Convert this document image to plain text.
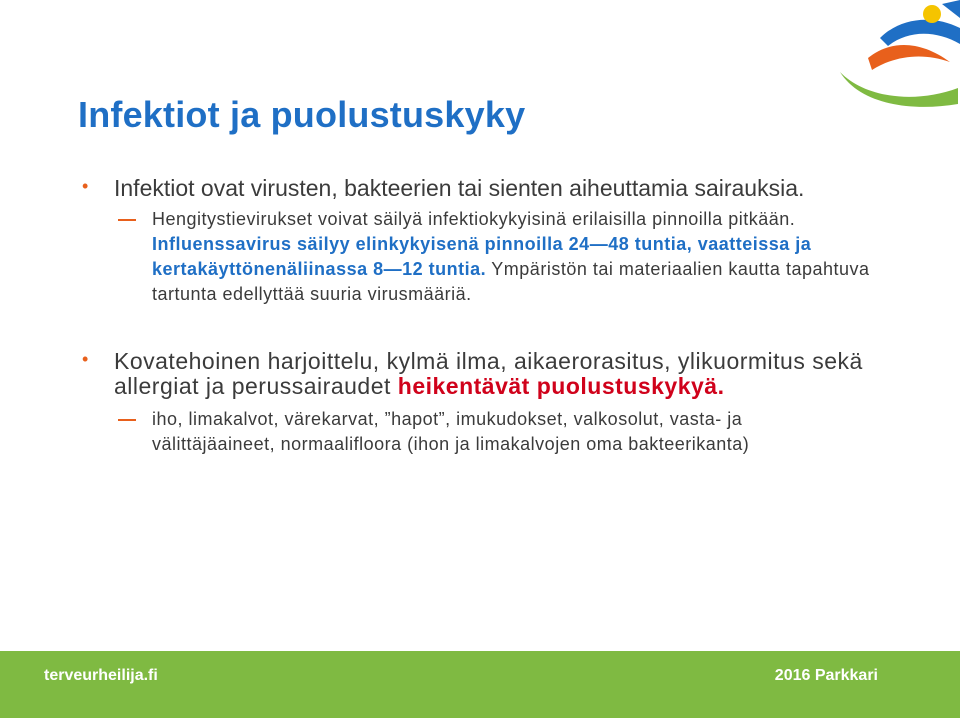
Infektiot ja puolustuskyky
• Infektiot ovat virusten, bakteerien tai sienten aiheuttamia sairauksia.
Hengitystievirukset voivat säilyä infektiokykyisinä erilaisilla pinnoilla pitkään. Influenssavirus säilyy elinkykyisenä pinnoilla 24—48 tuntia, vaatteissa ja kertakäyttönenäliinassa 8—12 tuntia. Ympäristön tai materiaalien kautta tapahtuva tartunta edellyttää suuria virusmääriä.
• Kovatehoinen harjoittelu, kylmä ilma, aikaerorasitus, ylikuormitus sekä allergiat ja perussairaudet heikentävät puolustuskykyä.
iho, limakalvot, värekarvat, ”hapot”, imukudokset, valkosolut, vasta- ja välittäjäaineet, normaalifloora (ihon ja limakalvojen oma bakteerikanta)
terveurheilija.fi	2016 Parkkari
